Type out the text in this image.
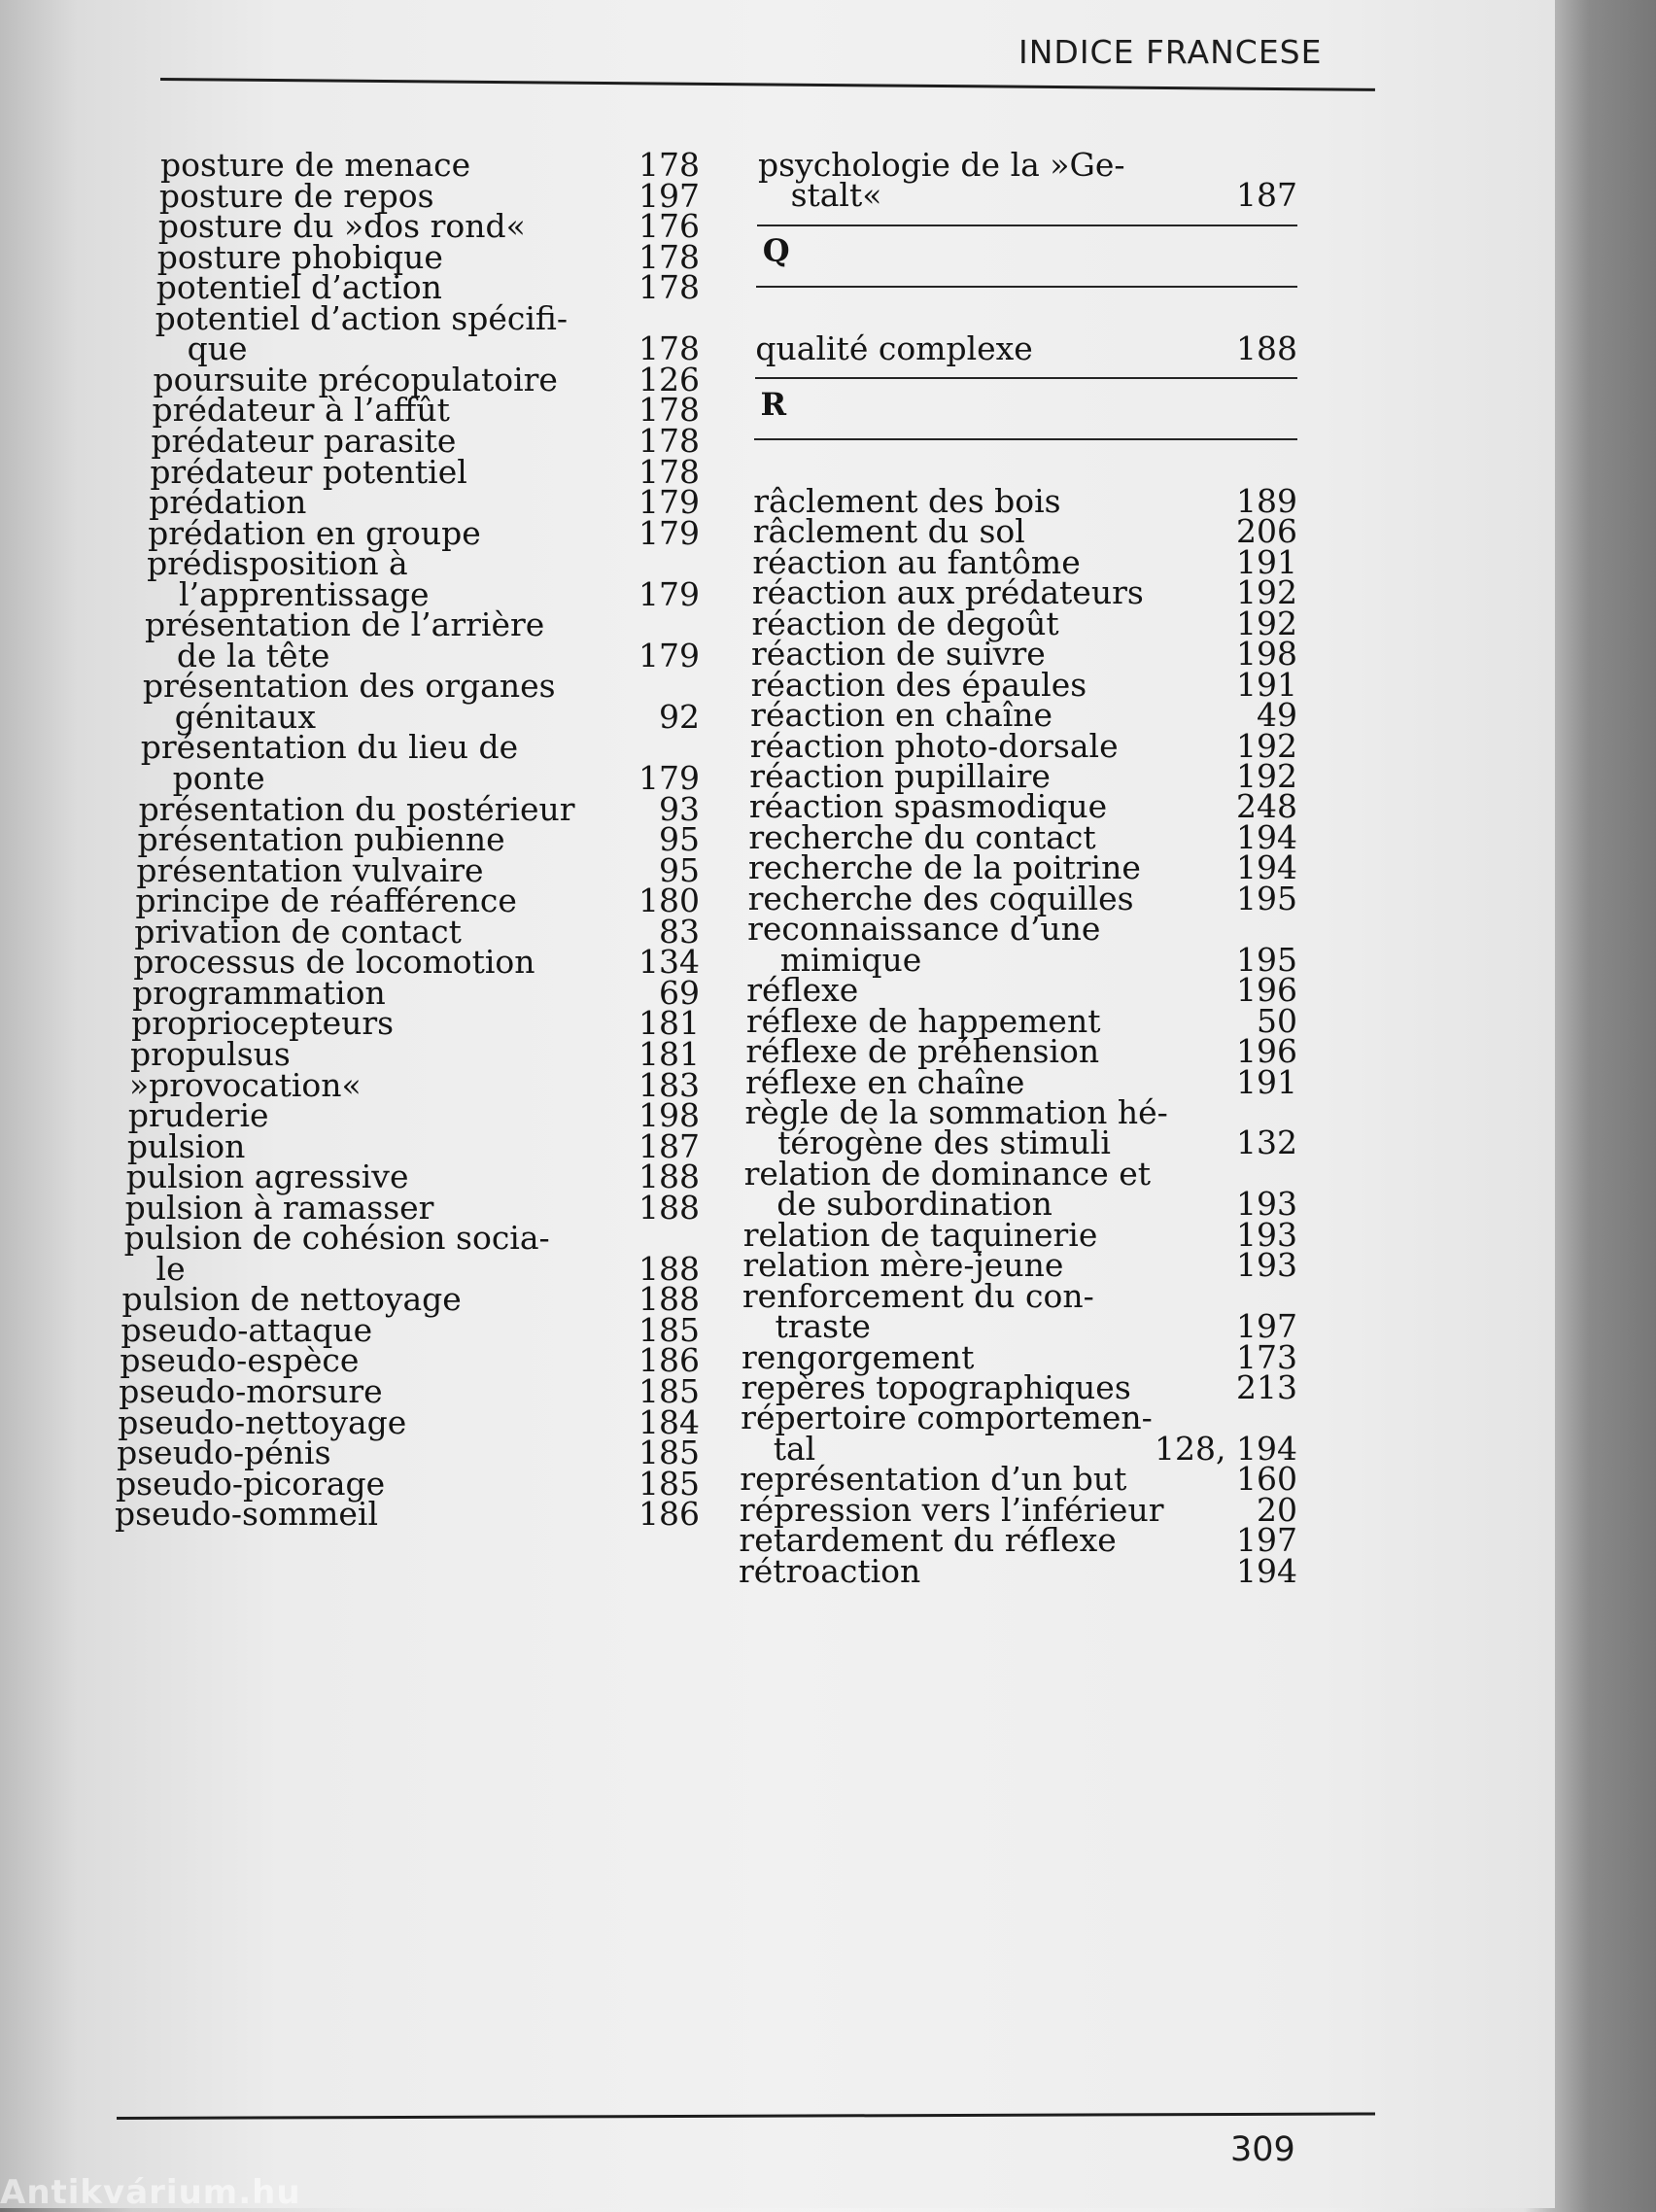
INDICE FRANCESE
posture de menace	178
posture de repos	197
posture du »dos rond«	176
posture phobique	178
potentiel d’action	178
potentiel d’action spécifi-
que	178
poursuite précopulatoire	126
prédateur à l’affût	178
prédateur parasite	178
prédateur potentiel	178
prédation	179
prédation en groupe	179
prédisposition à
l’apprentissage	179
présentation de l’arrière
de la tête	179
présentation des organes
génitaux	92
présentation du lieu de
ponte	179
présentation du postérieur	93
présentation pubienne	95
présentation vulvaire	95
principe de réafférence	180
privation de contact	83
processus de locomotion	134
programmation	69
propriocepteurs	181
propulsus	181
»provocation«	183
pruderie	198
pulsion	187
pulsion agressive	188
pulsion à ramasser	188
pulsion de cohésion socia-
le	188
pulsion de nettoyage	188
pseudo-attaque	185
pseudo-espèce	186
pseudo-morsure	185
pseudo-nettoyage	184
pseudo-pénis	185
pseudo-picorage	185
pseudo-sommeil	186
psychologie de la »Ge-
stalt«	187
Q
qualité complexe	188
R
râclement des bois	189
râclement du sol	206
réaction au fantôme	191
réaction aux prédateurs	192
réaction de degoût	192
réaction de suivre	198
réaction des épaules	191
réaction en chaîne	49
réaction photo-dorsale	192
réaction pupillaire	192
réaction spasmodique	248
recherche du contact	194
recherche de la poitrine	194
recherche des coquilles	195
reconnaissance d’une
mimique	195
réflexe	196
réflexe de happement	50
réflexe de préhension	196
réflexe en chaîne	191
règle de la sommation hé-
térogène des stimuli	132
relation de dominance et
de subordination	193
relation de taquinerie	193
relation mère-jeune	193
renforcement du con-
traste	197
rengorgement	173
repères topographiques	213
répertoire comportemen-
tal	128, 194
représentation d’un but	160
répression vers l’inférieur	20
retardement du réflexe	197
rétroaction	194
309
Antikvárium.hu
